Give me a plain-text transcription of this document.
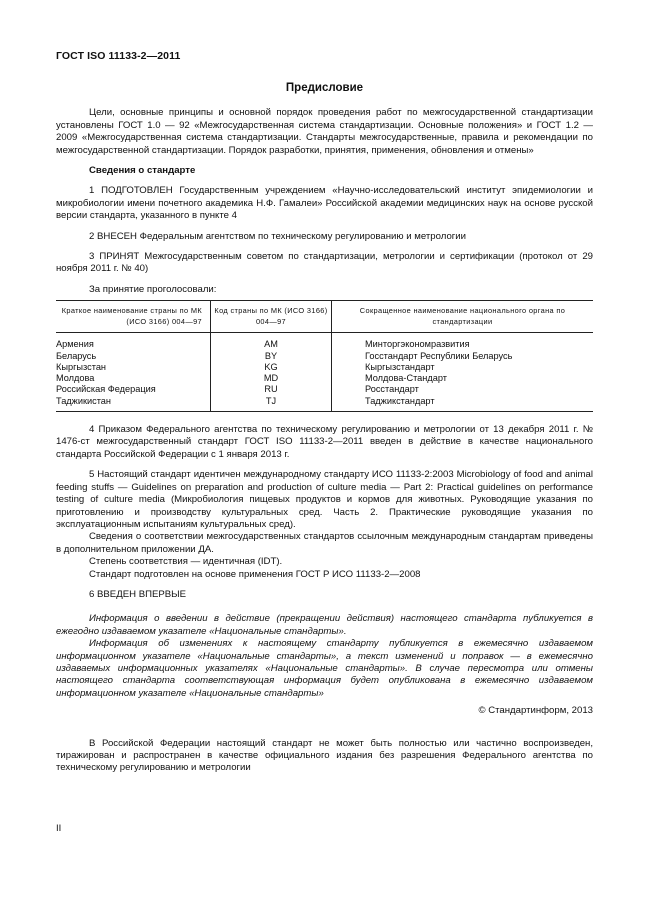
ГОСТ ISO 11133-2—2011
Предисловие

Цели, основные принципы и основной порядок проведения работ по межгосударственной стандартизации установлены ГОСТ 1.0 — 92 «Межгосударственная система стандартизации. Основные положения» и ГОСТ 1.2 — 2009 «Межгосударственная система стандартизации. Стандарты межгосударственные, правила и рекомендации по межгосударственной стандартизации. Порядок разработки, принятия, применения, обновления и отмены»

Сведения о стандарте

1 ПОДГОТОВЛЕН Государственным учреждением «Научно-исследовательский институт эпидемиологии и микробиологии имени почетного академика Н.Ф. Гамалеи» Российской академии медицинских наук на основе русской версии стандарта, указанного в пункте 4

2 ВНЕСЕН Федеральным агентством по техническому регулированию и метрологии

3 ПРИНЯТ Межгосударственным советом по стандартизации, метрологии и сертификации (протокол от 29 ноября 2011 г. № 40)

За принятие проголосовали:

Краткое наименование страны по МК (ИСО 3166) 004—97	Код страны по МК (ИСО 3166) 004—97	Сокращенное наименование национального органа по стандартизации
Армения	AM	Минторгэкономразвития
Беларусь	BY	Госстандарт Республики Беларусь
Кыргызстан	KG	Кыргызстандарт
Молдова	MD	Молдова-Стандарт
Российская Федерация	RU	Росстандарт
Таджикистан	TJ	Таджикстандарт

4 Приказом Федерального агентства по техническому регулированию и метрологии от 13 декабря 2011 г. № 1476-ст межгосударственный стандарт ГОСТ ISO 11133-2—2011 введен в действие в качестве национального стандарта Российской Федерации с 1 января 2013 г.

5 Настоящий стандарт идентичен международному стандарту ИСО 11133-2:2003 Microbiology of food and animal feeding stuffs — Guidelines on preparation and production of culture media — Part 2: Practical guidelines on performance testing of culture media (Микробиология пищевых продуктов и кормов для животных. Руководящие указания по приготовлению и производству культуральных сред. Часть 2. Практические руководящие указания по эксплуатационным испытаниям культуральных сред).

Сведения о соответствии межгосударственных стандартов ссылочным международным стандартам приведены в дополнительном приложении ДА.

Степень соответствия — идентичная (IDT).

Стандарт подготовлен на основе применения ГОСТ Р ИСО 11133-2—2008

6 ВВЕДЕН ВПЕРВЫЕ

Информация о введении в действие (прекращении действия) настоящего стандарта публикуется в ежегодно издаваемом указателе «Национальные стандарты».

Информация об изменениях к настоящему стандарту публикуется в ежемесячно издаваемом информационном указателе «Национальные стандарты», а текст изменений и поправок — в ежемесячно издаваемых информационных указателях «Национальные стандарты». В случае пересмотра или отмены настоящего стандарта соответствующая информация будет опубликована в ежемесячно издаваемом информационном указателе «Национальные стандарты»

© Стандартинформ, 2013

В Российской Федерации настоящий стандарт не может быть полностью или частично воспроизведен, тиражирован и распространен в качестве официального издания без разрешения Федерального агентства по техническому регулированию и метрологии

II
